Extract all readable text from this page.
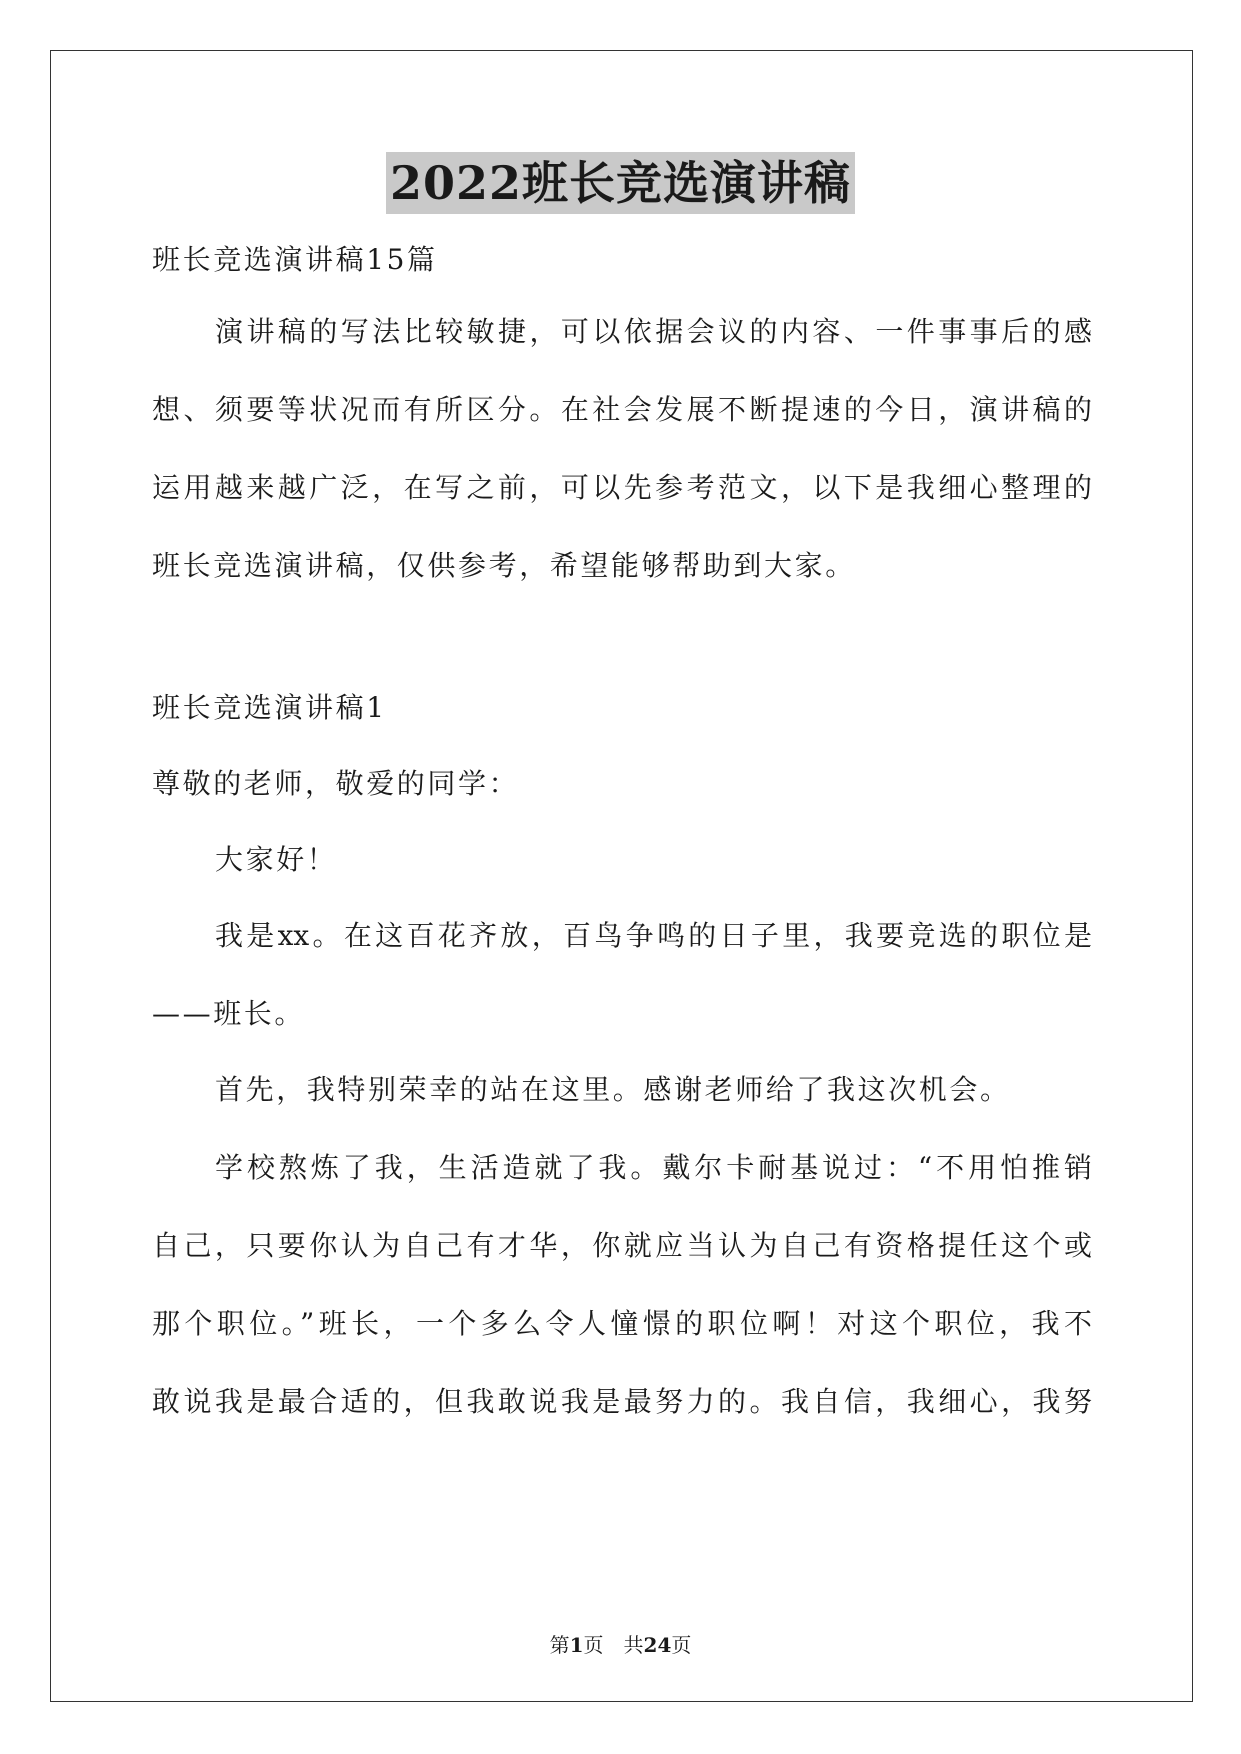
2022班长竞选演讲稿
班长竞选演讲稿15篇
演讲稿的写法比较敏捷，可以依据会议的内容、一件事事后的感
想、须要等状况而有所区分。在社会发展不断提速的今日，演讲稿的
运用越来越广泛，在写之前，可以先参考范文，以下是我细心整理的
班长竞选演讲稿，仅供参考，希望能够帮助到大家。
班长竞选演讲稿1
尊敬的老师，敬爱的同学：
大家好！
我是xx。在这百花齐放，百鸟争鸣的日子里，我要竞选的职位是
——班长。
首先，我特别荣幸的站在这里。感谢老师给了我这次机会。
学校熬炼了我，生活造就了我。戴尔卡耐基说过：“不用怕推销
自己，只要你认为自己有才华，你就应当认为自己有资格提任这个或
那个职位。”班长，一个多么令人憧憬的职位啊！对这个职位，我不
敢说我是最合适的，但我敢说我是最努力的。我自信，我细心，我努
第1页 共24页
